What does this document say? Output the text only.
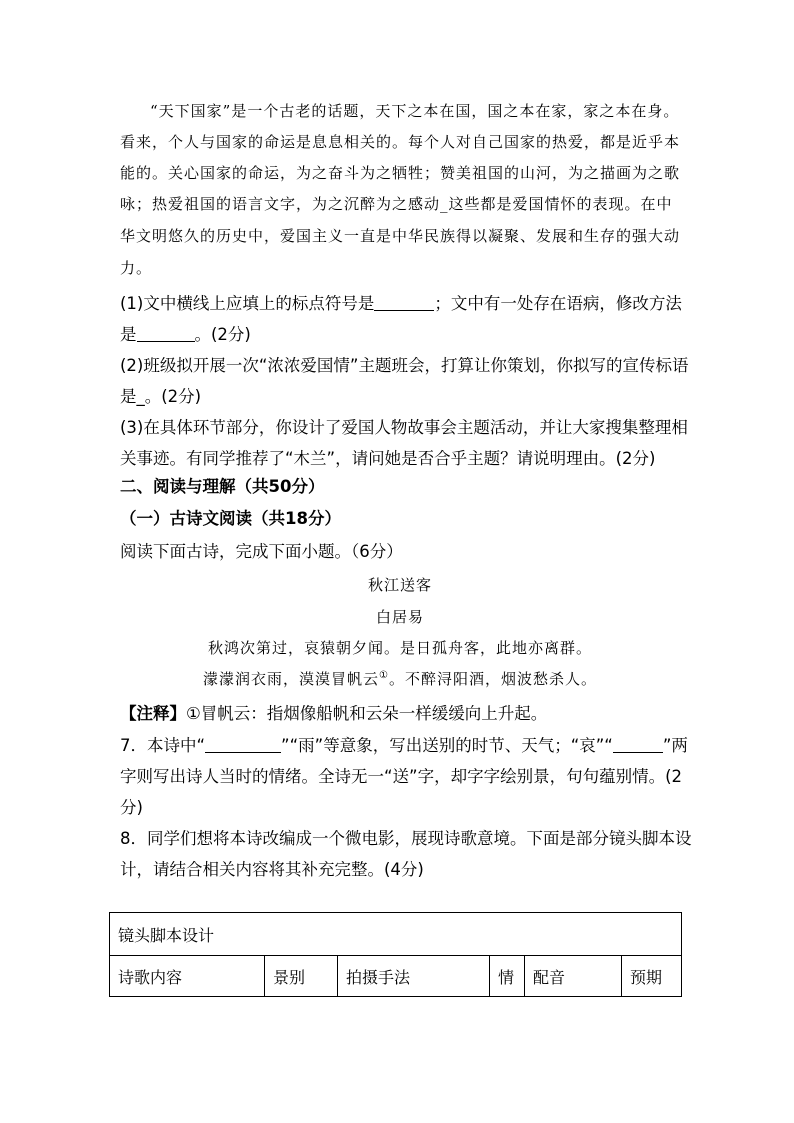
“天下国家”是一个古老的话题，天下之本在国，国之本在家，家之本在身。
看来，个人与国家的命运是息息相关的。每个人对自己国家的热爱，都是近乎本
能的。关心国家的命运，为之奋斗为之牺牲；赞美祖国的山河，为之描画为之歌
咏；热爱祖国的语言文字，为之沉醉为之感动_这些都是爱国情怀的表现。在中
华文明悠久的历史中，爱国主义一直是中华民族得以凝聚、发展和生存的强大动
力。
(1)文中横线上应填上的标点符号是	；文中有一处存在语病，修改方法
是	。(2分)
(2)班级拟开展一次“浓浓爱国情”主题班会，打算让你策划，你拟写的宣传标语
是_。(2分)
(3)在具体环节部分，你设计了爱国人物故事会主题活动，并让大家搜集整理相
关事迹。有同学推荐了“木兰”，请问她是否合乎主题？请说明理由。(2分)
二、阅读与理解（共50分）
（一）古诗文阅读（共18分）
阅读下面古诗，完成下面小题。（6分）
秋江送客
白居易
秋鸿次第过，哀猿朝夕闻。是日孤舟客，此地亦离群。
濛濛润衣雨，漠漠冒帆云①。不醉浔阳酒，烟波愁杀人。
【注释】①冒帆云：指烟像船帆和云朵一样缓缓向上升起。
7．本诗中“	”“雨”等意象，写出送别的时节、天气；“哀”“	”两
字则写出诗人当时的情绪。全诗无一“送”字，却字字绘别景，句句蕴别情。(2
分)
8．同学们想将本诗改编成一个微电影，展现诗歌意境。下面是部分镜头脚本设
计，请结合相关内容将其补充完整。(4分)
镜头脚本设计
诗歌内容	景别	拍摄手法	情	配音	预期
